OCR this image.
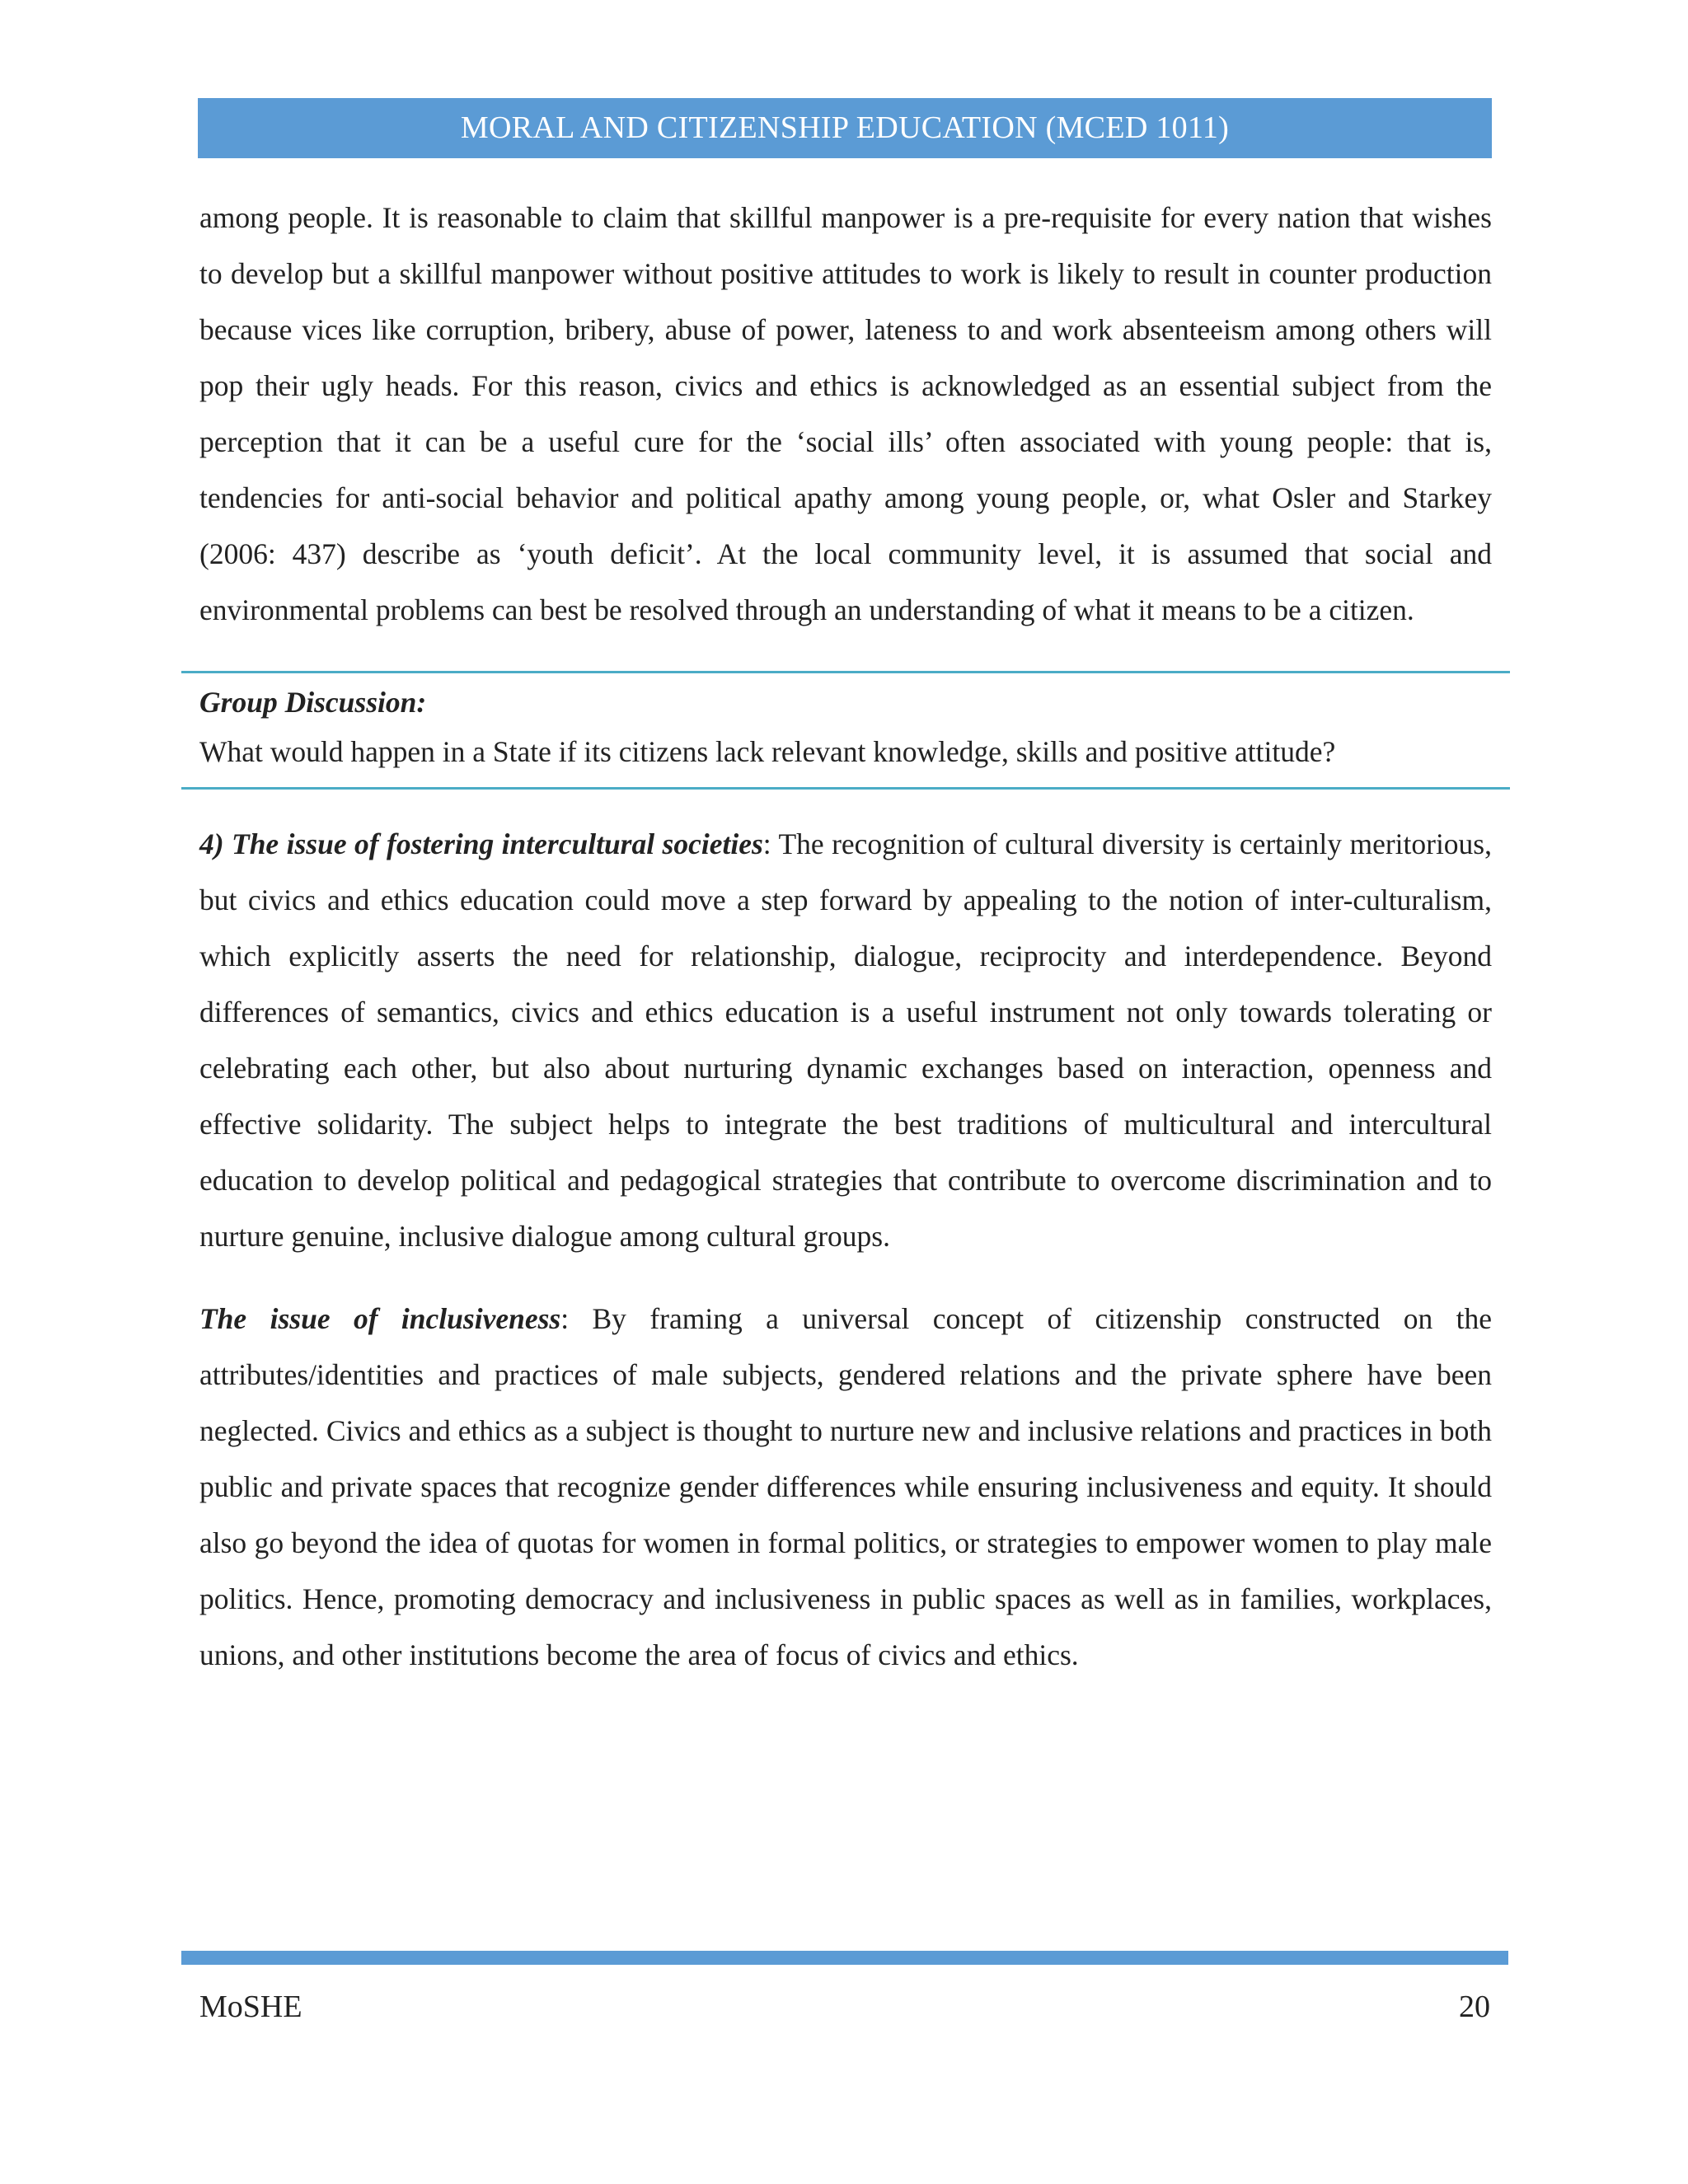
MORAL AND CITIZENSHIP EDUCATION (MCED 1011)

among people. It is reasonable to claim that skillful manpower is a pre-requisite for every nation that wishes to develop but a skillful manpower without positive attitudes to work is likely to result in counter production because vices like corruption, bribery, abuse of power, lateness to and work absenteeism among others will pop their ugly heads. For this reason, civics and ethics is acknowledged as an essential subject from the perception that it can be a useful cure for the ‘social ills’ often associated with young people: that is, tendencies for anti-social behavior and political apathy among young people, or, what Osler and Starkey (2006: 437) describe as ‘youth deficit’. At the local community level, it is assumed that social and environmental problems can best be resolved through an understanding of what it means to be a citizen.

Group Discussion:
What would happen in a State if its citizens lack relevant knowledge, skills and positive attitude?

4) The issue of fostering intercultural societies: The recognition of cultural diversity is certainly meritorious, but civics and ethics education could move a step forward by appealing to the notion of inter-culturalism, which explicitly asserts the need for relationship, dialogue, reciprocity and interdependence. Beyond differences of semantics, civics and ethics education is a useful instrument not only towards tolerating or celebrating each other, but also about nurturing dynamic exchanges based on interaction, openness and effective solidarity. The subject helps to integrate the best traditions of multicultural and intercultural education to develop political and pedagogical strategies that contribute to overcome discrimination and to nurture genuine, inclusive dialogue among cultural groups.

The issue of inclusiveness: By framing a universal concept of citizenship constructed on the attributes/identities and practices of male subjects, gendered relations and the private sphere have been neglected. Civics and ethics as a subject is thought to nurture new and inclusive relations and practices in both public and private spaces that recognize gender differences while ensuring inclusiveness and equity. It should also go beyond the idea of quotas for women in formal politics, or strategies to empower women to play male politics. Hence, promoting democracy and inclusiveness in public spaces as well as in families, workplaces, unions, and other institutions become the area of focus of civics and ethics.

MoSHE	20
